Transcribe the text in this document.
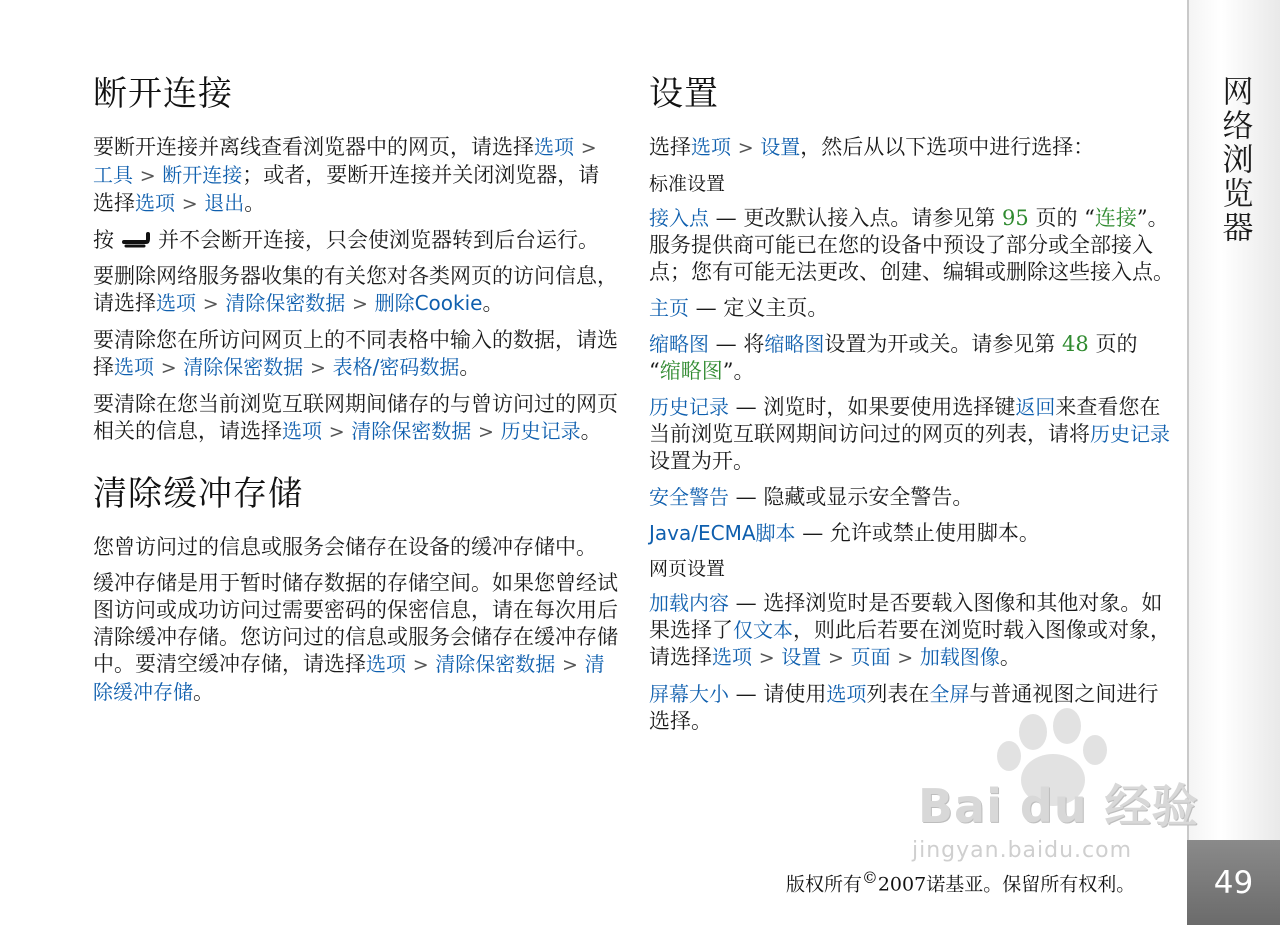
断开连接

要断开连接并离线查看浏览器中的网页，请选择选项 > 工具 > 断开连接；或者，要断开连接并关闭浏览器，请选择选项 > 退出。

按 并不会断开连接，只会使浏览器转到后台运行。

要删除网络服务器收集的有关您对各类网页的访问信息，请选择选项 > 清除保密数据 > 删除Cookie。

要清除您在所访问网页上的不同表格中输入的数据，请选择选项 > 清除保密数据 > 表格/密码数据。

要清除在您当前浏览互联网期间储存的与曾访问过的网页相关的信息，请选择选项 > 清除保密数据 > 历史记录。

清除缓冲存储

您曾访问过的信息或服务会储存在设备的缓冲存储中。

缓冲存储是用于暂时储存数据的存储空间。如果您曾经试图访问或成功访问过需要密码的保密信息，请在每次用后清除缓冲存储。您访问过的信息或服务会储存在缓冲存储中。要清空缓冲存储，请选择选项 > 清除保密数据 > 清除缓冲存储。

设置

选择选项 > 设置，然后从以下选项中进行选择：

标准设置

接入点 — 更改默认接入点。请参见第 95 页的 “连接”。服务提供商可能已在您的设备中预设了部分或全部接入点；您有可能无法更改、创建、编辑或删除这些接入点。

主页 — 定义主页。

缩略图 — 将缩略图设置为开或关。请参见第 48 页的 “缩略图”。

历史记录 — 浏览时，如果要使用选择键返回来查看您在当前浏览互联网期间访问过的网页的列表，请将历史记录设置为开。

安全警告 — 隐藏或显示安全警告。

Java/ECMA脚本 — 允许或禁止使用脚本。

网页设置

加载内容 — 选择浏览时是否要载入图像和其他对象。如果选择了仅文本，则此后若要在浏览时载入图像或对象，请选择选项 > 设置 > 页面 > 加载图像。

屏幕大小 — 请使用选项列表在全屏与普通视图之间进行选择。

网络浏览器
49
Bai du 经验
jingyan.baidu.com
版权所有©2007诺基亚。保留所有权利。
